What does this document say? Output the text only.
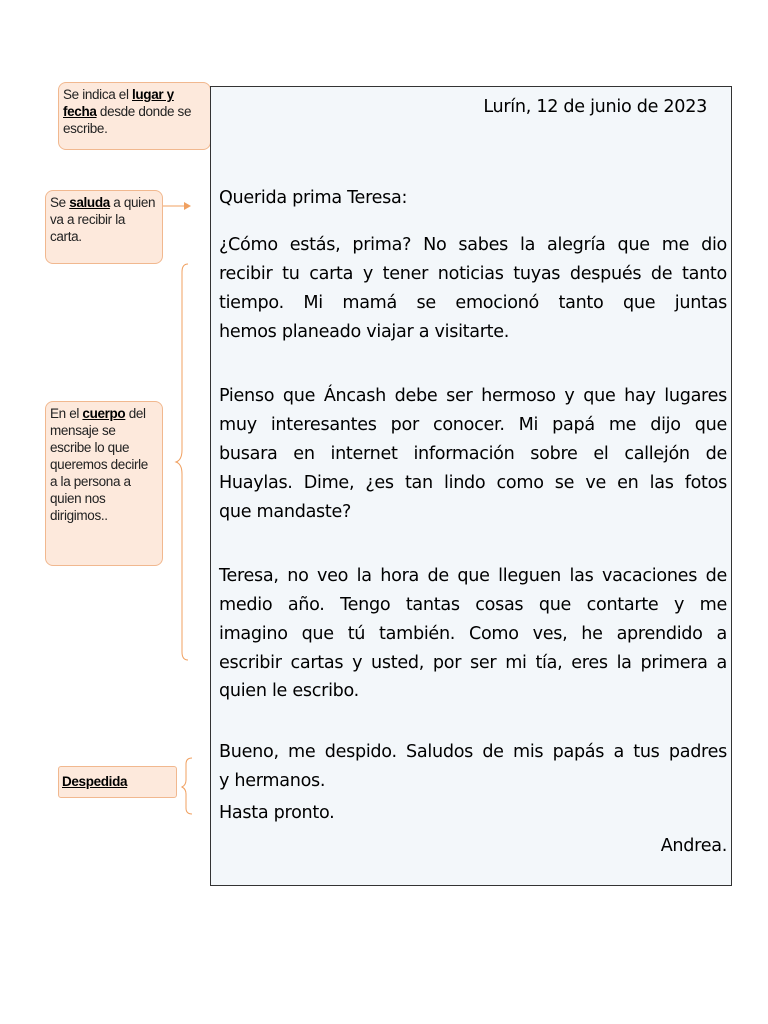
Se indica el lugar y
fecha desde donde se escribe.
Se saluda a quien va a recibir la carta.
En el cuerpo del mensaje se escribe lo que queremos decirle a la persona a quien nos dirigimos..
Despedida
Lurín, 12 de junio de 2023
Querida prima Teresa:
¿Cómo estás, prima? No sabes la alegría que me dio
recibir tu carta y tener noticias tuyas después de tanto
tiempo. Mi mamá se emocionó tanto que juntas
hemos planeado viajar a visitarte.
Pienso que Áncash debe ser hermoso y que hay lugares
muy interesantes por conocer. Mi papá me dijo que
busara en internet información sobre el callejón de
Huaylas. Dime, ¿es tan lindo como se ve en las fotos
que mandaste?
Teresa, no veo la hora de que lleguen las vacaciones de
medio año. Tengo tantas cosas que contarte y me
imagino que tú también. Como ves, he aprendido a
escribir cartas y usted, por ser mi tía, eres la primera a
quien le escribo.
Bueno, me despido. Saludos de mis papás a tus padres
y hermanos.
Hasta pronto.
Andrea.
